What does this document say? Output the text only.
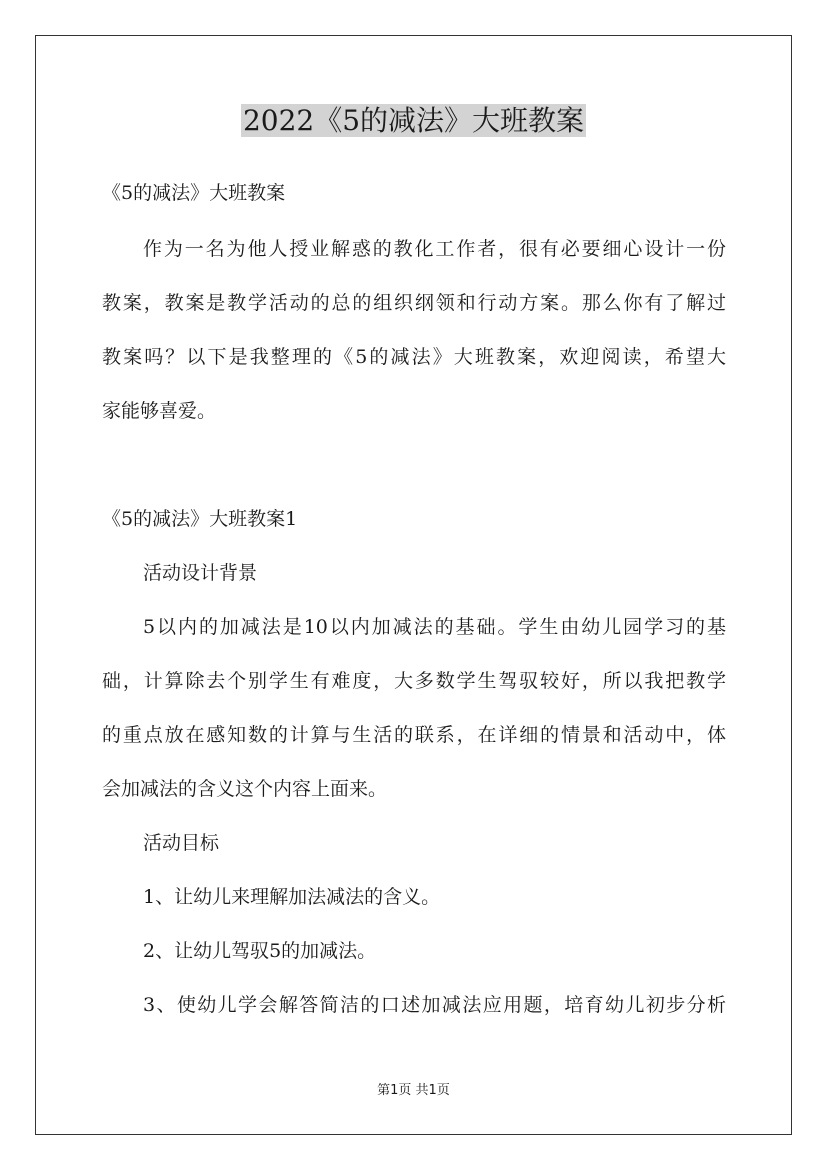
2022《5的减法》大班教案

《5的减法》大班教案

作为一名为他人授业解惑的教化工作者，很有必要细心设计一份

教案，教案是教学活动的总的组织纲领和行动方案。那么你有了解过

教案吗？以下是我整理的《5的减法》大班教案，欢迎阅读，希望大

家能够喜爱。

《5的减法》大班教案1

活动设计背景

5以内的加减法是10以内加减法的基础。学生由幼儿园学习的基

础，计算除去个别学生有难度，大多数学生驾驭较好，所以我把教学

的重点放在感知数的计算与生活的联系，在详细的情景和活动中，体

会加减法的含义这个内容上面来。

活动目标

1、让幼儿来理解加法减法的含义。

2、让幼儿驾驭5的加减法。

3、使幼儿学会解答简洁的口述加减法应用题，培育幼儿初步分析

第1页 共1页
